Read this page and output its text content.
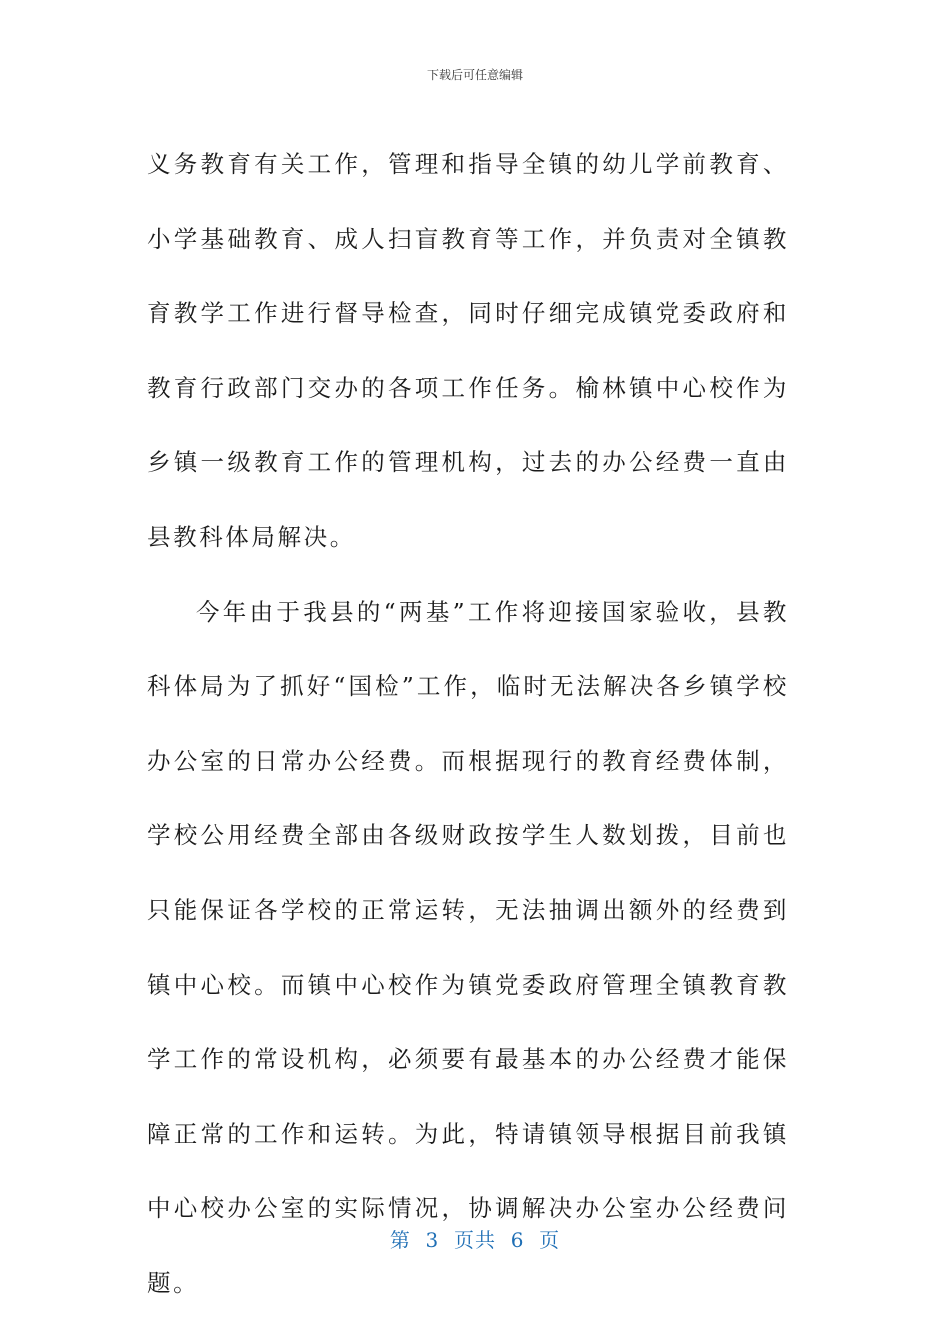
下载后可任意编辑

义务教育有关工作，管理和指导全镇的幼儿学前教育、小学基础教育、成人扫盲教育等工作，并负责对全镇教育教学工作进行督导检查，同时仔细完成镇党委政府和教育行政部门交办的各项工作任务。榆林镇中心校作为乡镇一级教育工作的管理机构，过去的办公经费一直由县教科体局解决。

今年由于我县的“两基”工作将迎接国家验收，县教科体局为了抓好“国检”工作，临时无法解决各乡镇学校办公室的日常办公经费。而根据现行的教育经费体制，学校公用经费全部由各级财政按学生人数划拨，目前也只能保证各学校的正常运转，无法抽调出额外的经费到镇中心校。而镇中心校作为镇党委政府管理全镇教育教学工作的常设机构，必须要有最基本的办公经费才能保障正常的工作和运转。为此，特请镇领导根据目前我镇中心校办公室的实际情况，协调解决办公室办公经费问题。

第  3  页共  6  页
